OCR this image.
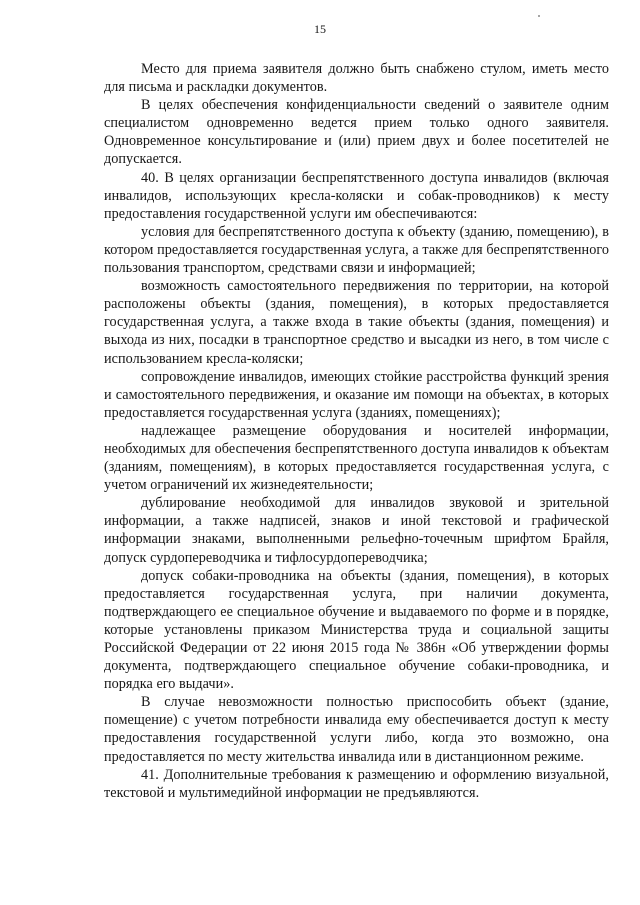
15

Место для приема заявителя должно быть снабжено стулом, иметь место для письма и раскладки документов.

В целях обеспечения конфиденциальности сведений о заявителе одним специалистом одновременно ведется прием только одного заявителя. Одновременное консультирование и (или) прием двух и более посетителей не допускается.

40. В целях организации беспрепятственного доступа инвалидов (включая инвалидов, использующих кресла-коляски и собак-проводников) к месту предоставления государственной услуги им обеспечиваются:

условия для беспрепятственного доступа к объекту (зданию, помещению), в котором предоставляется государственная услуга, а также для беспрепятственного пользования транспортом, средствами связи и информацией;

возможность самостоятельного передвижения по территории, на которой расположены объекты (здания, помещения), в которых предоставляется государственная услуга, а также входа в такие объекты (здания, помещения) и выхода из них, посадки в транспортное средство и высадки из него, в том числе с использованием кресла-коляски;

сопровождение инвалидов, имеющих стойкие расстройства функций зрения и самостоятельного передвижения, и оказание им помощи на объектах, в которых предоставляется государственная услуга (зданиях, помещениях);

надлежащее размещение оборудования и носителей информации, необходимых для обеспечения беспрепятственного доступа инвалидов к объектам (зданиям, помещениям), в которых предоставляется государственная услуга, с учетом ограничений их жизнедеятельности;

дублирование необходимой для инвалидов звуковой и зрительной информации, а также надписей, знаков и иной текстовой и графической информации знаками, выполненными рельефно-точечным шрифтом Брайля, допуск сурдопереводчика и тифлосурдопереводчика;

допуск собаки-проводника на объекты (здания, помещения), в которых предоставляется государственная услуга, при наличии документа, подтверждающего ее специальное обучение и выдаваемого по форме и в порядке, которые установлены приказом Министерства труда и социальной защиты Российской Федерации от 22 июня 2015 года № 386н «Об утверждении формы документа, подтверждающего специальное обучение собаки-проводника, и порядка его выдачи».

В случае невозможности полностью приспособить объект (здание, помещение) с учетом потребности инвалида ему обеспечивается доступ к месту предоставления государственной услуги либо, когда это возможно, она предоставляется по месту жительства инвалида или в дистанционном режиме.

41. Дополнительные требования к размещению и оформлению визуальной, текстовой и мультимедийной информации не предъявляются.
